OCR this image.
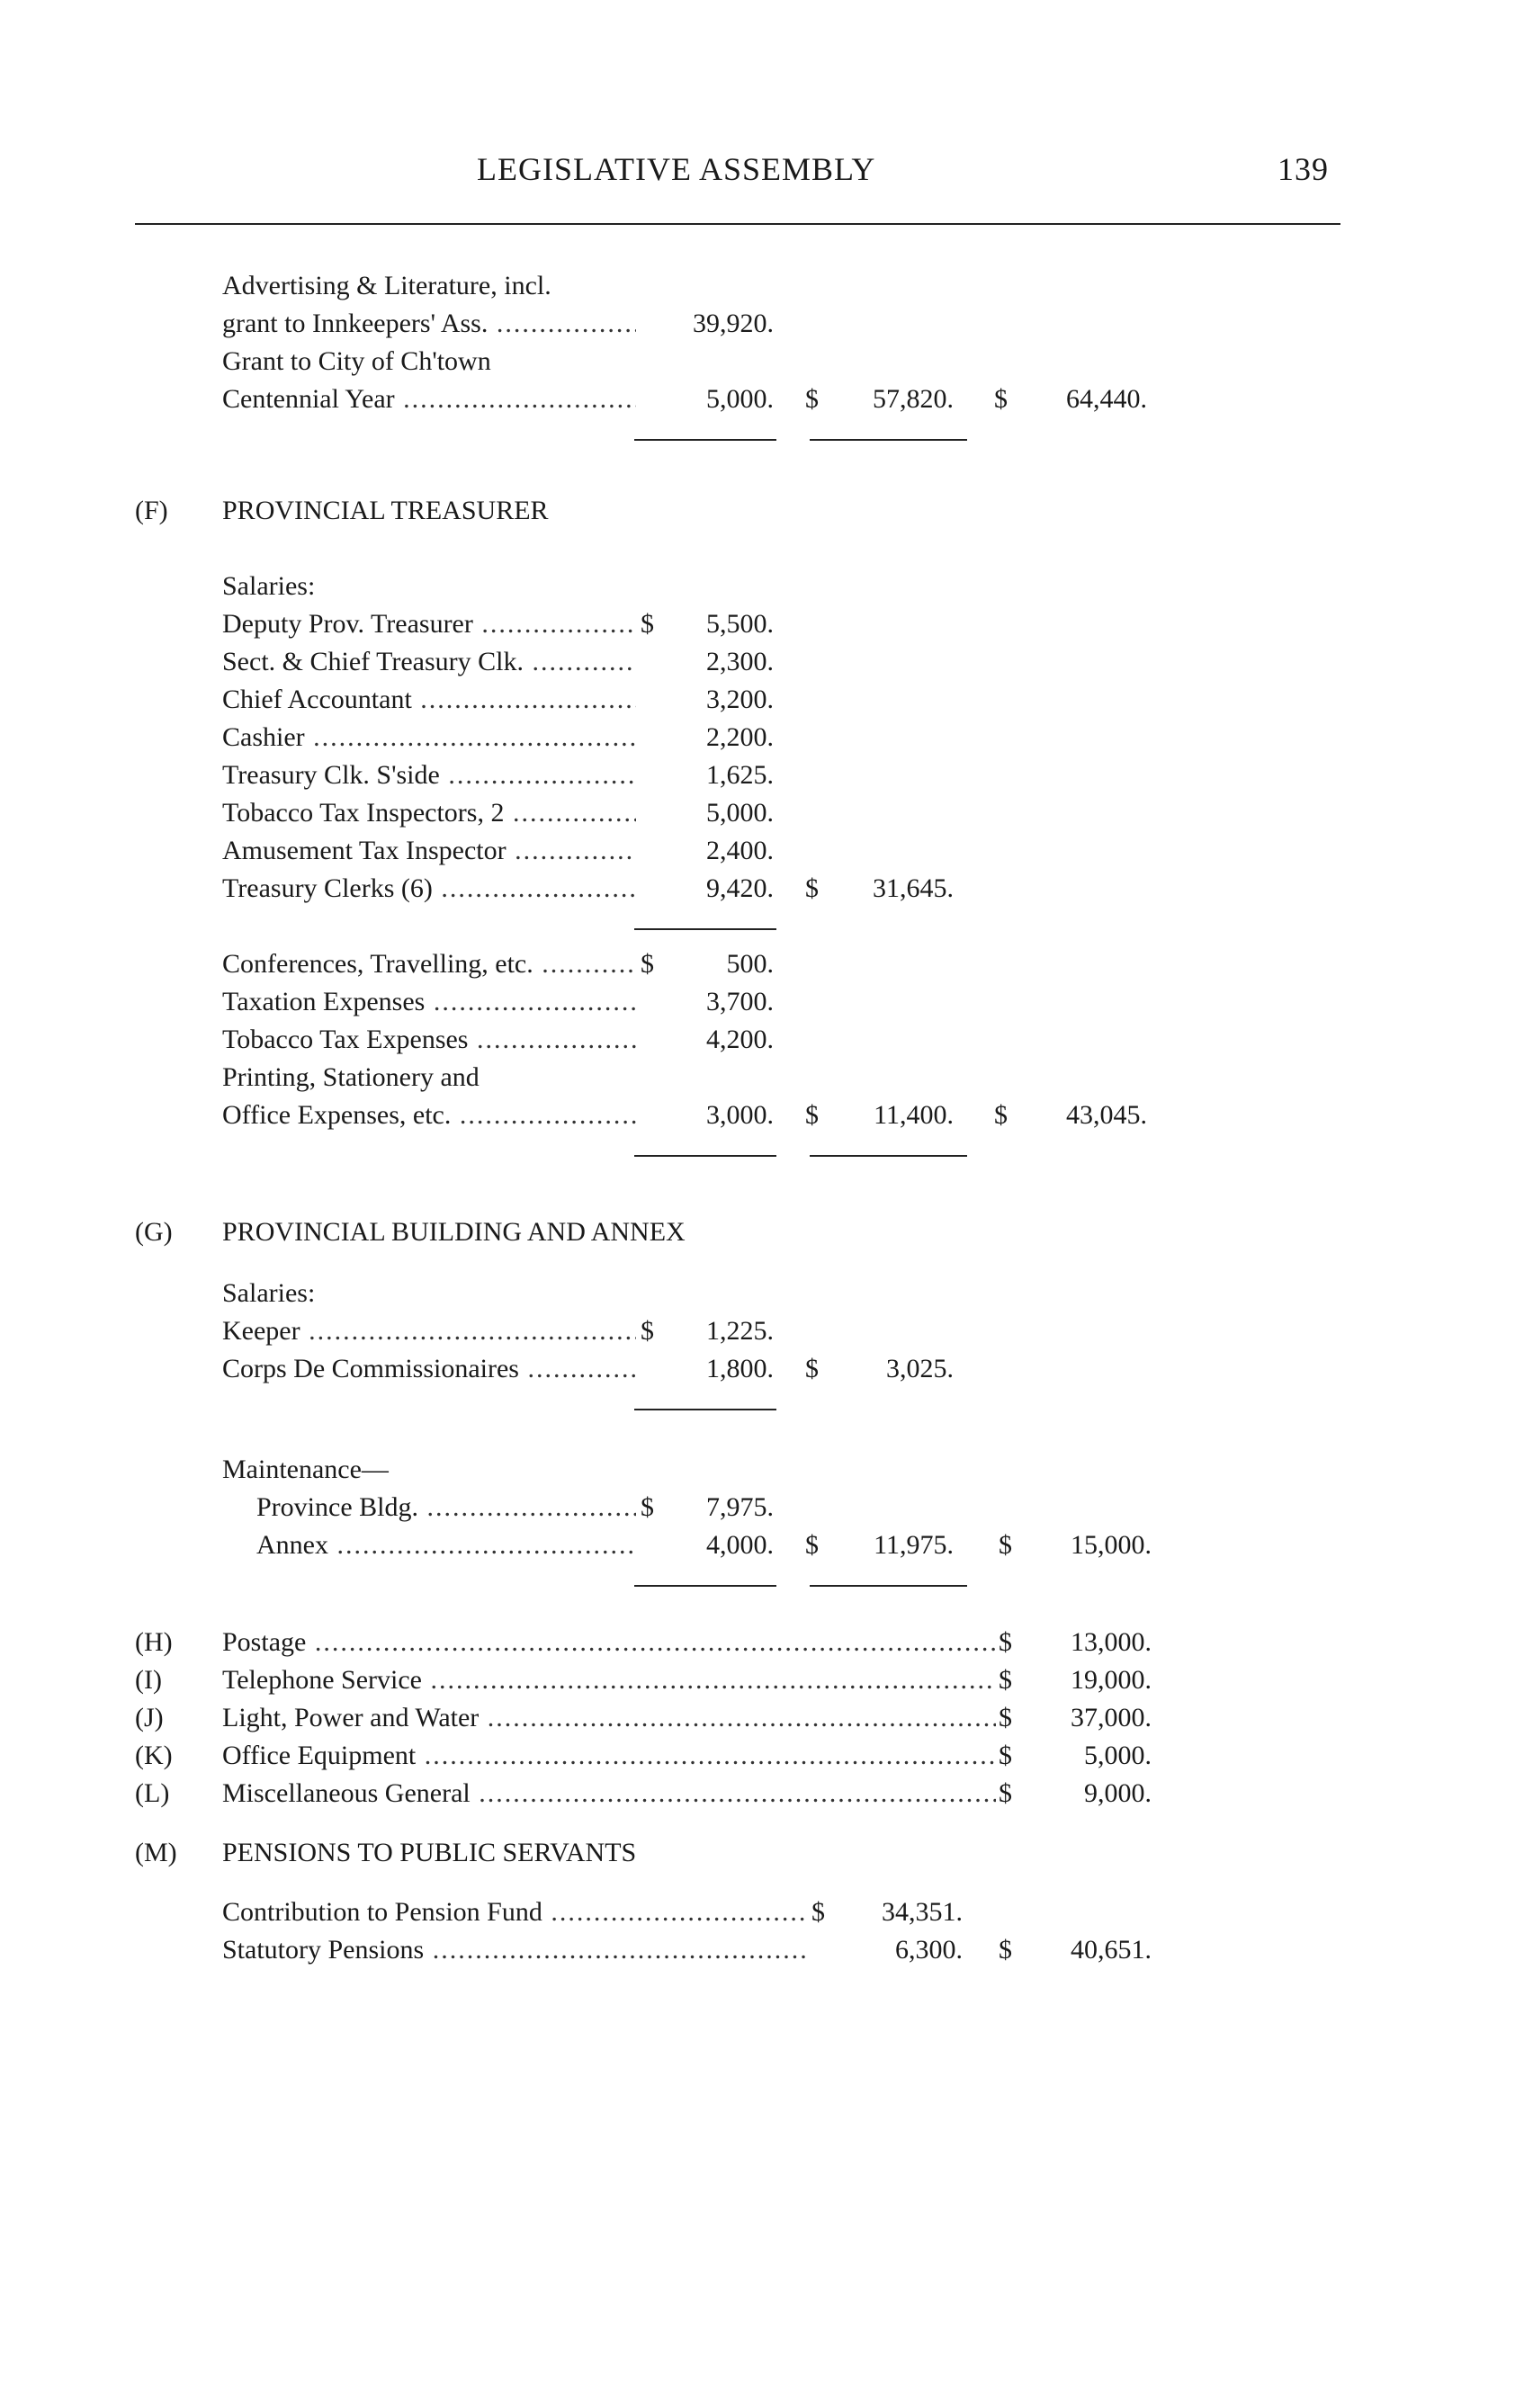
LEGISLATIVE ASSEMBLY	139
Advertising & Literature, incl.
grant to Innkeepers' Ass. .....	39,920.
Grant to City of Ch'town
Centennial Year .....	5,000. $	57,820. $	64,440.
(F) PROVINCIAL TREASURER
Salaries:
Deputy Prov. Treasurer .....	$	5,500.
Sect. & Chief Treasury Clk. .....	2,300.
Chief Accountant .....	3,200.
Cashier .....	2,200.
Treasury Clk. S'side .....	1,625.
Tobacco Tax Inspectors, 2 .....	5,000.
Amusement Tax Inspector .....	2,400.
Treasury Clerks (6) .....	9,420. $	31,645.
Conferences, Travelling, etc. .....	$	500.
Taxation Expenses .....	3,700.
Tobacco Tax Expenses .....	4,200.
Printing, Stationery and
Office Expenses, etc. .....	3,000. $	11,400. $	43,045.
(G) PROVINCIAL BUILDING AND ANNEX
Salaries:
Keeper .....	$	1,225.
Corps De Commissionaires .....	1,800. $	3,025.
Maintenance—
Province Bldg. .....	$	7,975.
Annex .....	4,000. $	11,975. $	15,000.
(H) Postage .....	$	13,000.
(I) Telephone Service .....	$	19,000.
(J) Light, Power and Water .....	$	37,000.
(K) Office Equipment .....	$	5,000.
(L) Miscellaneous General .....	$	9,000.
(M) PENSIONS TO PUBLIC SERVANTS
Contribution to Pension Fund .....	$	34,351.
Statutory Pensions .....	6,300. $	40,651.
